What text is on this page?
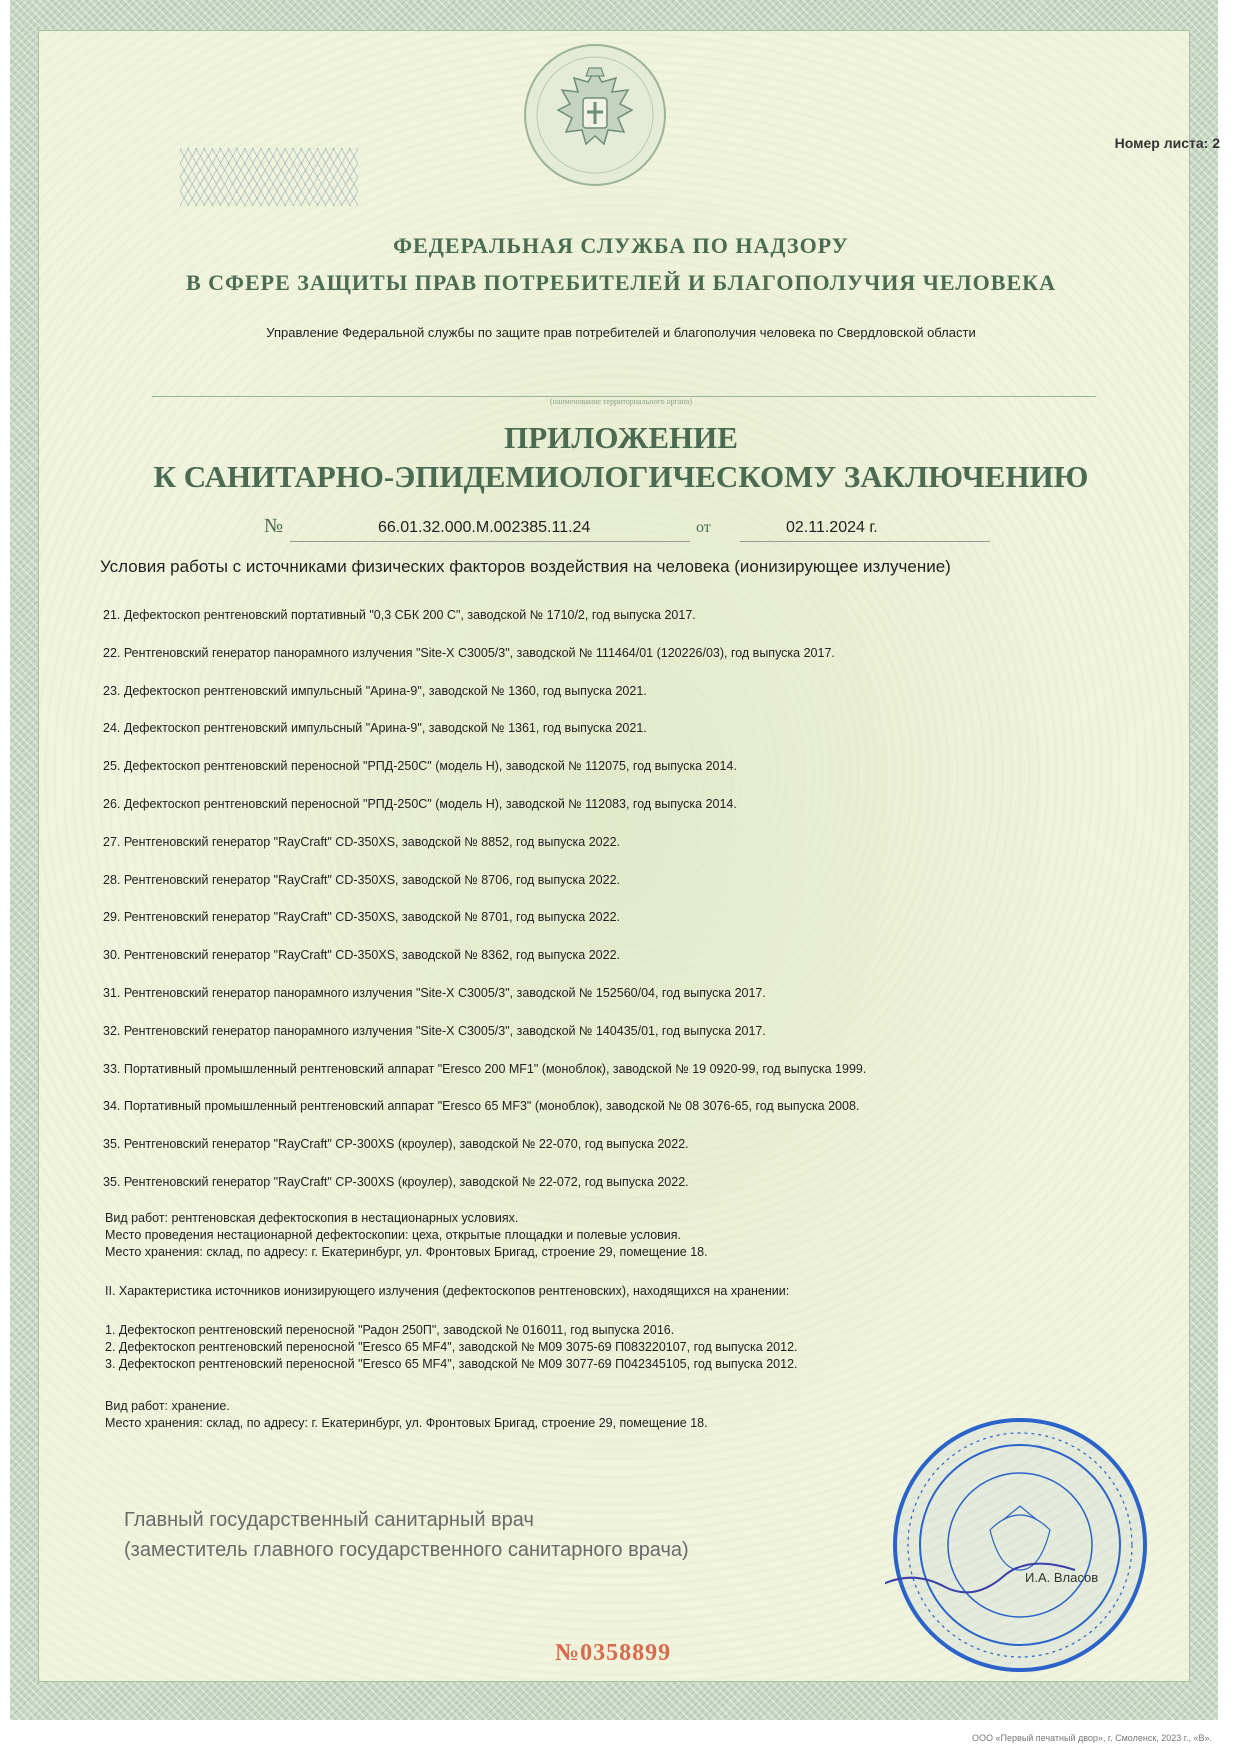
Номер листа: 2
ФЕДЕРАЛЬНАЯ СЛУЖБА ПО НАДЗОРУ
В СФЕРЕ ЗАЩИТЫ ПРАВ ПОТРЕБИТЕЛЕЙ И БЛАГОПОЛУЧИЯ ЧЕЛОВЕКА
Управление Федеральной службы по защите прав потребителей и благополучия человека по Свердловской области
(наименование территориального органа)
ПРИЛОЖЕНИЕ
К САНИТАРНО-ЭПИДЕМИОЛОГИЧЕСКОМУ ЗАКЛЮЧЕНИЮ
№	66.01.32.000.М.002385.11.24	от	02.11.2024 г.
Условия работы с источниками физических факторов воздействия на человека (ионизирующее излучение)
21. Дефектоскоп рентгеновский портативный "0,3 СБК 200 С", заводской № 1710/2, год выпуска 2017.
22. Рентгеновский генератор панорамного излучения "Site-X C3005/3", заводской № 111464/01 (120226/03), год выпуска 2017.
23. Дефектоскоп рентгеновский импульсный "Арина-9", заводской № 1360, год выпуска 2021.
24. Дефектоскоп рентгеновский импульсный "Арина-9", заводской № 1361, год выпуска 2021.
25. Дефектоскоп рентгеновский переносной "РПД-250С" (модель Н), заводской № 112075, год выпуска 2014.
26. Дефектоскоп рентгеновский переносной "РПД-250С" (модель Н), заводской № 112083, год выпуска 2014.
27. Рентгеновский генератор "RayCraft" CD-350XS, заводской № 8852, год выпуска 2022.
28. Рентгеновский генератор "RayCraft" CD-350XS, заводской № 8706, год выпуска 2022.
29. Рентгеновский генератор "RayCraft" CD-350XS, заводской № 8701, год выпуска 2022.
30. Рентгеновский генератор "RayCraft" CD-350XS, заводской № 8362, год выпуска 2022.
31. Рентгеновский генератор панорамного излучения "Site-X C3005/3", заводской № 152560/04, год выпуска 2017.
32. Рентгеновский генератор панорамного излучения "Site-X C3005/3", заводской № 140435/01, год выпуска 2017.
33. Портативный промышленный рентгеновский аппарат "Eresco 200 MF1" (моноблок), заводской № 19 0920-99, год выпуска 1999.
34. Портативный промышленный рентгеновский аппарат "Eresco 65 MF3" (моноблок), заводской № 08 3076-65, год выпуска 2008.
35. Рентгеновский генератор "RayCraft" CP-300XS (кроулер), заводской № 22-070, год выпуска 2022.
35. Рентгеновский генератор "RayCraft" CP-300XS (кроулер), заводской № 22-072, год выпуска 2022.
Вид работ: рентгеновская дефектоскопия в нестационарных условиях.
Место проведения нестационарной дефектоскопии: цеха, открытые площадки и полевые условия.
Место хранения: склад, по адресу: г. Екатеринбург, ул. Фронтовых Бригад, строение 29, помещение 18.
II. Характеристика источников ионизирующего излучения (дефектоскопов рентгеновских), находящихся на хранении:
1. Дефектоскоп рентгеновский переносной "Радон 250П", заводской № 016011, год выпуска 2016.
2. Дефектоскоп рентгеновский переносной "Eresco 65 MF4", заводской № M09 3075-69 П083220107, год выпуска 2012.
3. Дефектоскоп рентгеновский переносной "Eresco 65 MF4", заводской № M09 3077-69 П042345105, год выпуска 2012.
Вид работ: хранение.
Место хранения: склад, по адресу: г. Екатеринбург, ул. Фронтовых Бригад, строение 29, помещение 18.
Главный государственный санитарный врач
(заместитель главного государственного санитарного врача)
И.А. Власов
№0358899
ООО «Первый печатный двор», г. Смоленск, 2023 г., «В».
